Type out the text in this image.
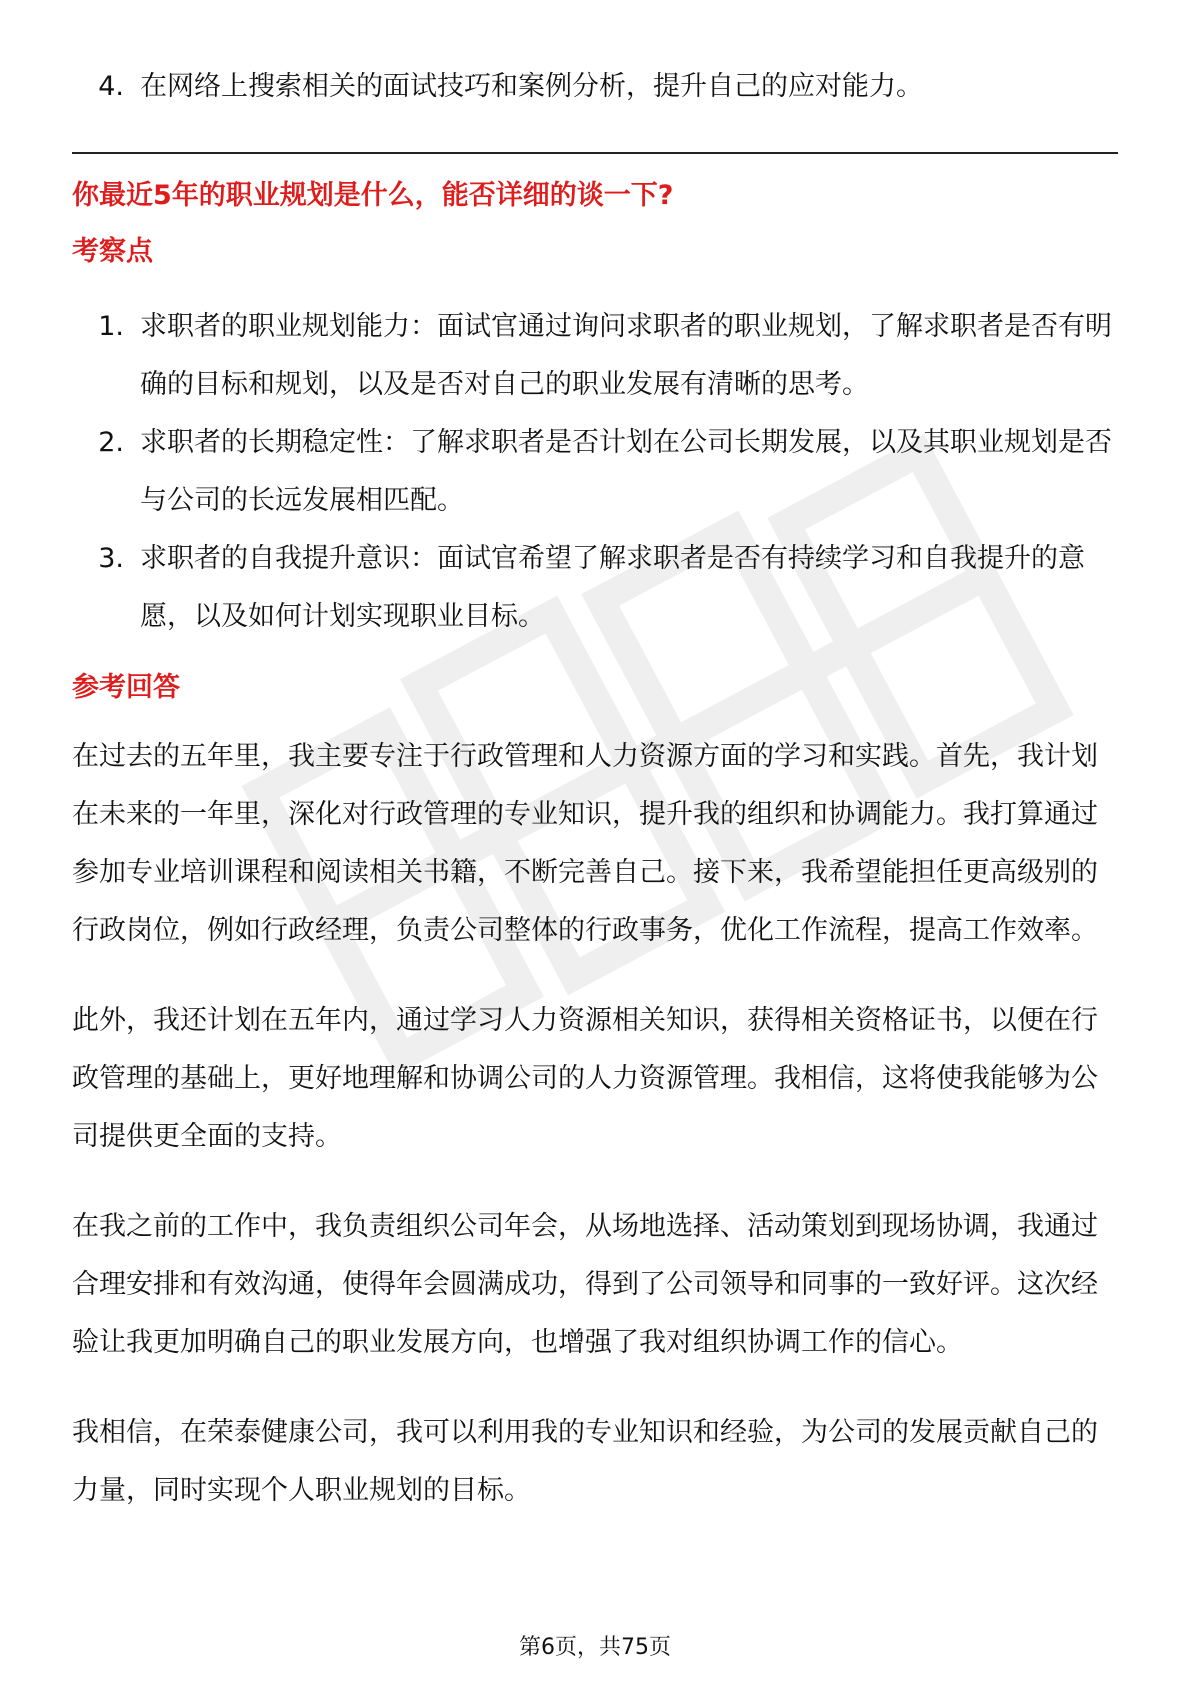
4. 在网络上搜索相关的面试技巧和案例分析，提升自己的应对能力。

你最近5年的职业规划是什么，能否详细的谈一下?

考察点

1. 求职者的职业规划能力：面试官通过询问求职者的职业规划，了解求职者是否有明确的目标和规划，以及是否对自己的职业发展有清晰的思考。
2. 求职者的长期稳定性：了解求职者是否计划在公司长期发展，以及其职业规划是否与公司的长远发展相匹配。
3. 求职者的自我提升意识：面试官希望了解求职者是否有持续学习和自我提升的意愿，以及如何计划实现职业目标。

参考回答

在过去的五年里，我主要专注于行政管理和人力资源方面的学习和实践。首先，我计划在未来的一年里，深化对行政管理的专业知识，提升我的组织和协调能力。我打算通过参加专业培训课程和阅读相关书籍，不断完善自己。接下来，我希望能担任更高级别的行政岗位，例如行政经理，负责公司整体的行政事务，优化工作流程，提高工作效率。

此外，我还计划在五年内，通过学习人力资源相关知识，获得相关资格证书，以便在行政管理的基础上，更好地理解和协调公司的人力资源管理。我相信，这将使我能够为公司提供更全面的支持。

在我之前的工作中，我负责组织公司年会，从场地选择、活动策划到现场协调，我通过合理安排和有效沟通，使得年会圆满成功，得到了公司领导和同事的一致好评。这次经验让我更加明确自己的职业发展方向，也增强了我对组织协调工作的信心。

我相信，在荣泰健康公司，我可以利用我的专业知识和经验，为公司的发展贡献自己的力量，同时实现个人职业规划的目标。

第6页，共75页
